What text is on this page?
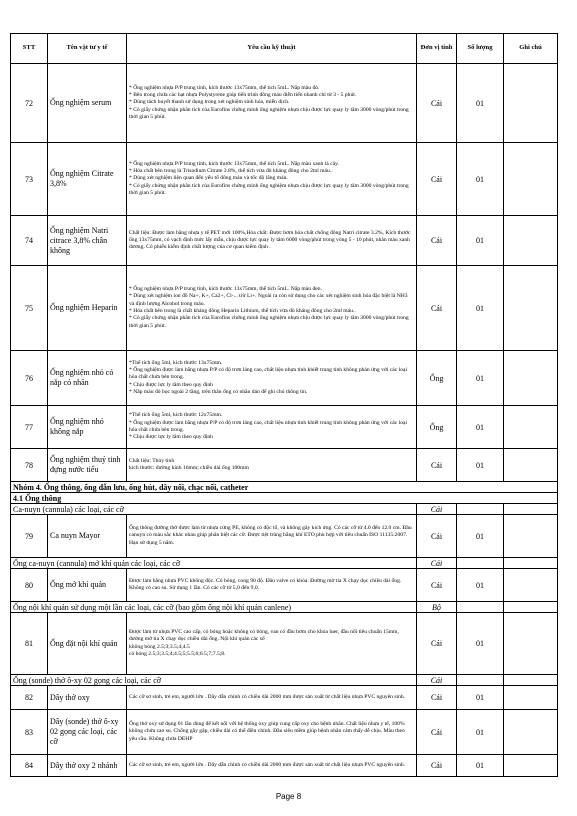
STT	Tên vật tư y tế	Yêu cầu kỹ thuật	Đơn vị tính	Số lượng	Ghi chú
72	Ống nghiệm serum	* Ống nghiệm nhựa P/P trung tính, kích thước 13x75mm, thể tích 5mL. Nắp màu đỏ.
* Bên trong chứa các hạt nhựa Polystyrene giúp tiến trình đông máu diễn tiến nhanh chỉ từ 3 - 5 phút.
* Dùng tách huyết thanh sử dụng trong xét nghiệm sinh hóa, miễn dịch.
* Có giấy chứng nhận phân tích của Eurofins chứng minh ống nghiệm nhựa chịu được lực quay ly tâm 3000 vòng/phút trong thời gian 5 phút.	Cái	01	
73	Ống nghiệm Citrate 3,8%	* Ống nghiệm nhựa P/P trung tính, kích thước 13x75mm, thể tích 5mL. Nắp màu xanh lá cây.
* Hóa chất bên trong là Trisodium Citrate 3.8%, thể tích vừa đủ kháng đông cho 2ml máu..
* Dùng xét nghiệm liên quan đến yếu tố đông máu và tốc độ lắng máu.
* Có giấy chứng nhận phân tích của Eurofins chứng minh ống nghiệm nhựa chịu được lực quay ly tâm 3000 vòng/phút trong thời gian 5 phút.	Cái	01	
74	Ống nghiệm Natri citrace 3,8% chân không	Chất liệu: Được làm bằng nhựa y tế PET mới 100%,Hóa chất: Được bơm hóa chất chống đông Natri citrate 3.2%, Kích thước ống 13x75mm, có vạch định mức lấy mẫu, chịu được lực quay ly tâm 6000 vòng/phút trong vòng 5 - 10 phút, nhãn màu xanh dương. Có phiếu kiểm định chất lượng của cơ quan kiểm định .	Cái	01	
75	Ống nghiệm Heparin	* Ống nghiệm nhựa P/P trung tính, kích thước 13x75mm, thể tích 5mL. Nắp màu đen.
* Dùng xét nghiệm ion đồ Na+, K+, Ca2+, Cl-... trừ Li+. Ngoài ra còn sử dụng cho các xét nghiệm sinh hóa đặc biệt là NH3 và định lượng Alcohol trong máu.
* Hóa chất bên trong là chất kháng đông Heparin Lithium, thể tích vừa đủ kháng đông cho 2ml máu..
* Có giấy chứng nhận phân tích của Eurofins chứng minh ống nghiệm nhựa chịu được lực quay ly tâm 3000 vòng/phút trong thời gian 5 phút.	Cái	01	
76	Ống nghiệm nhỏ có nắp có nhãn	*Thể tích ống 5ml, kích thước 13x75mm.
* Ống nghiệm được làm bằng nhựa P/P có độ trơn láng cao, chất liệu nhựa tinh khiết trung tính không phản ứng với các loại hóa chất chứa bên trong.
* Chịu được lực ly tâm theo quy định
* Nắp màu đỏ bọc ngoài 2 tầng, trên thân ống có nhãn dán để ghi chú thông tin.	Ống	01	
77	Ống nghiệm nhỏ không nắp	*Thể tích ống 5ml, kích thước 12x75mm.
* Ống nghiệm được làm bằng nhựa P/P có độ trơn láng cao, chất liệu nhựa tinh khiết trung tính không phản ứng với các loại hóa chất chứa bên trong.
* Chịu được lực ly tâm theo quy định	Ống	01	
78	Ống nghiệm thuỷ tinh đựng nước tiểu	Chất liệu: Thủy tinh
kích thước: đường kính 16mm; chiều dài ống 100mm	Cái	01	
Nhóm 4. Ống thông, ống dẫn lưu, ống hút, dây nối, chạc nối, catheter					
4.1 Ống thông					
Ca-nuyn (cannula) các loại, các cỡ			Cái		
79	Ca nuyn Mayor	Ống thông đường thở được làm từ nhựa cứng PE, không có độc tố, và không gây kích ứng. Có các cỡ từ 4.0 đến 12.0 cm. Đầu canuyn có màu sắc khác nhau giúp phân biệt các cỡ. Được tiệt trùng bằng khí ETO phù hợp với tiêu chuẩn ISO 11135:2007. Hạn sử dụng 5 năm.	Cái	01	
Ống ca-nuyn (cannula) mở khí quản các loại, các cỡ			Cái		
80	Ống mở khí quản	Được làm bằng nhựa PVC không độc. Có bóng, cong 90 độ. Đầu valve có khóa. Đường mờ tia X chạy dọc chiều dài ống. Không có cao su. Sử dụng 1 lần. Có các cỡ từ 5,0 đến 9,0.	Cái	01	
Ống nội khí quản sử dụng một lần các loại, các cỡ (bao gồm ống nội khí quản canlene)			Bộ		
81	Ống đặt nội khí quản	Được làm từ nhựa PVC cao cấp, có bóng hoặc không có bóng, van có đầu bơm cho khóa luer, đầu nối tiêu chuẩn 15mm, đường mờ tia X chạy dọc chiều dài ống. Nội khí quản các số
không bóng 2.5;3;3.5;4;4.5
có bóng 2.5;3;3.5;4;4.5;5;5.5;6;6.5;7;7.5;8.	Cái	01	
Ống (sonde) thở ô-xy 02 gọng các loại, các cỡ			Cái		
82	Dây thở oxy	Các cỡ sơ sinh, trẻ em, người lớn . Dây dẫn chính có chiều dài 2000 mm được sản xuất từ chất liệu nhựa PVC nguyên sinh.	Cái	01	
83	Dây (sonde) thở ô-xy 02 gọng các loại, các cỡ	Ống thở oxy sử dụng 01 lần dùng để kết nối với hệ thống oxy giúp cung cấp oxy cho bệnh nhân. Chất liệu nhựa y tế, 100% không chứa cao su. Chống gãy gập, chiều dài có thể điều chỉnh. Đầu siêu mềm giúp bệnh nhân cảm thấy dễ chịu. Màu theo yêu cầu. Không chứa DEHP	Cái	01	
84	Dây thở oxy 2 nhánh	Các cỡ sơ sinh, trẻ em, người lớn . Dây dẫn chính có chiều dài 2000 mm được sản xuất từ chất liệu nhựa PVC nguyên sinh.	Cái	01	
Page 8
